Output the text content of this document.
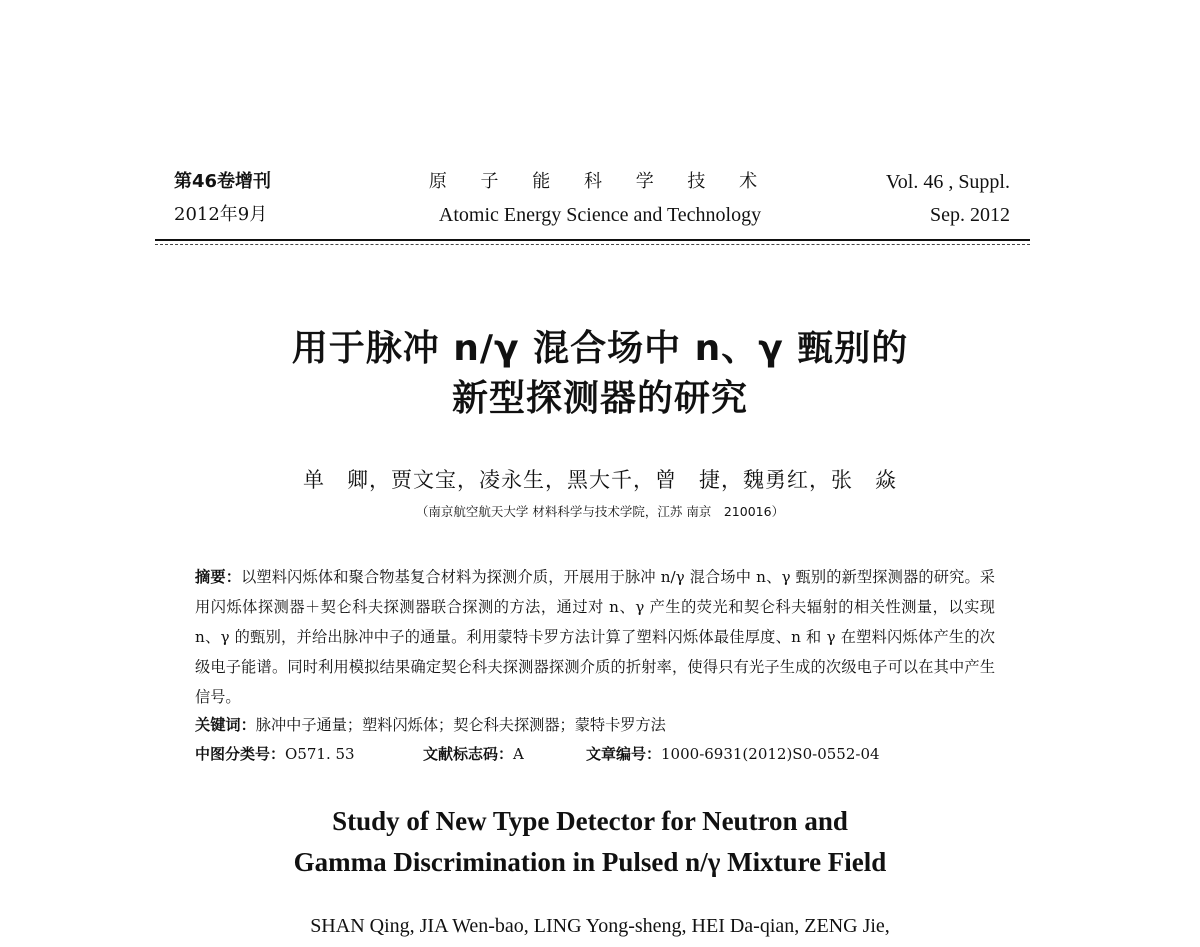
第46卷增刊
2012年9月
原 子 能 科 学 技 术
Atomic Energy Science and Technology
Vol. 46 , Suppl.
Sep. 2012
用于脉冲 n/γ 混合场中 n、γ 甄别的
新型探测器的研究
单　卿，贾文宝，凌永生，黑大千，曾　捷，魏勇红，张　焱
（南京航空航天大学 材料科学与技术学院，江苏 南京　210016）
摘要：以塑料闪烁体和聚合物基复合材料为探测介质，开展用于脉冲 n/γ 混合场中 n、γ 甄别的新型探测器的研究。采用闪烁体探测器＋契仑科夫探测器联合探测的方法，通过对 n、γ 产生的荧光和契仑科夫辐射的相关性测量，以实现 n、γ 的甄别，并给出脉冲中子的通量。利用蒙特卡罗方法计算了塑料闪烁体最佳厚度、n 和 γ 在塑料闪烁体产生的次级电子能谱。同时利用模拟结果确定契仑科夫探测器探测介质的折射率，使得只有光子生成的次级电子可以在其中产生信号。
关键词：脉冲中子通量；塑料闪烁体；契仑科夫探测器；蒙特卡罗方法
中图分类号：O571. 53	文献标志码：A	文章编号：1000-6931(2012)S0-0552-04
Study of New Type Detector for Neutron and
Gamma Discrimination in Pulsed n/γ Mixture Field
SHAN Qing, JIA Wen-bao, LING Yong-sheng, HEI Da-qian, ZENG Jie,
